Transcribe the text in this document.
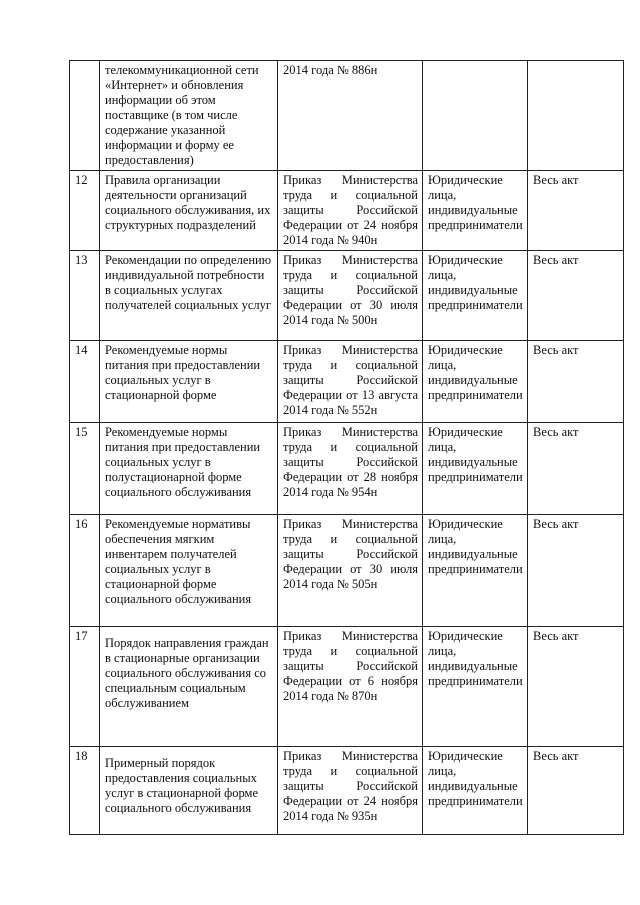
	телекоммуникационной сети «Интернет» и обновления информации об этом поставщике (в том числе содержание указанной информации и форму ее предоставления)	2014 года № 886н		
12	Правила организации деятельности организаций социального обслуживания, их структурных подразделений	Приказ Министерства труда и социальной защиты Российской Федерации от 24 ноября 2014 года № 940н	Юридические лица, индивидуальные предприниматели	Весь акт
13	Рекомендации по определению индивидуальной потребности в социальных услугах получателей социальных услуг	Приказ Министерства труда и социальной защиты Российской Федерации от 30 июля 2014 года № 500н	Юридические лица, индивидуальные предприниматели	Весь акт
14	Рекомендуемые нормы питания при предоставлении социальных услуг в стационарной форме	Приказ Министерства труда и социальной защиты Российской Федерации от 13 августа 2014 года № 552н	Юридические лица, индивидуальные предприниматели	Весь акт
15	Рекомендуемые нормы питания при предоставлении социальных услуг в полустационарной форме социального обслуживания	Приказ Министерства труда и социальной защиты Российской Федерации от 28 ноября 2014 года № 954н	Юридические лица, индивидуальные предприниматели	Весь акт
16	Рекомендуемые нормативы обеспечения мягким инвентарем получателей социальных услуг в стационарной форме социального обслуживания	Приказ Министерства труда и социальной защиты Российской Федерации от 30 июля 2014 года № 505н	Юридические лица, индивидуальные предприниматели	Весь акт
17	Порядок направления граждан в стационарные организации социального обслуживания со специальным социальным обслуживанием	Приказ Министерства труда и социальной защиты Российской Федерации от 6 ноября 2014 года № 870н	Юридические лица, индивидуальные предприниматели	Весь акт
18	Примерный порядок предоставления социальных услуг в стационарной форме социального обслуживания	Приказ Министерства труда и социальной защиты Российской Федерации от 24 ноября 2014 года № 935н	Юридические лица, индивидуальные предприниматели	Весь акт
